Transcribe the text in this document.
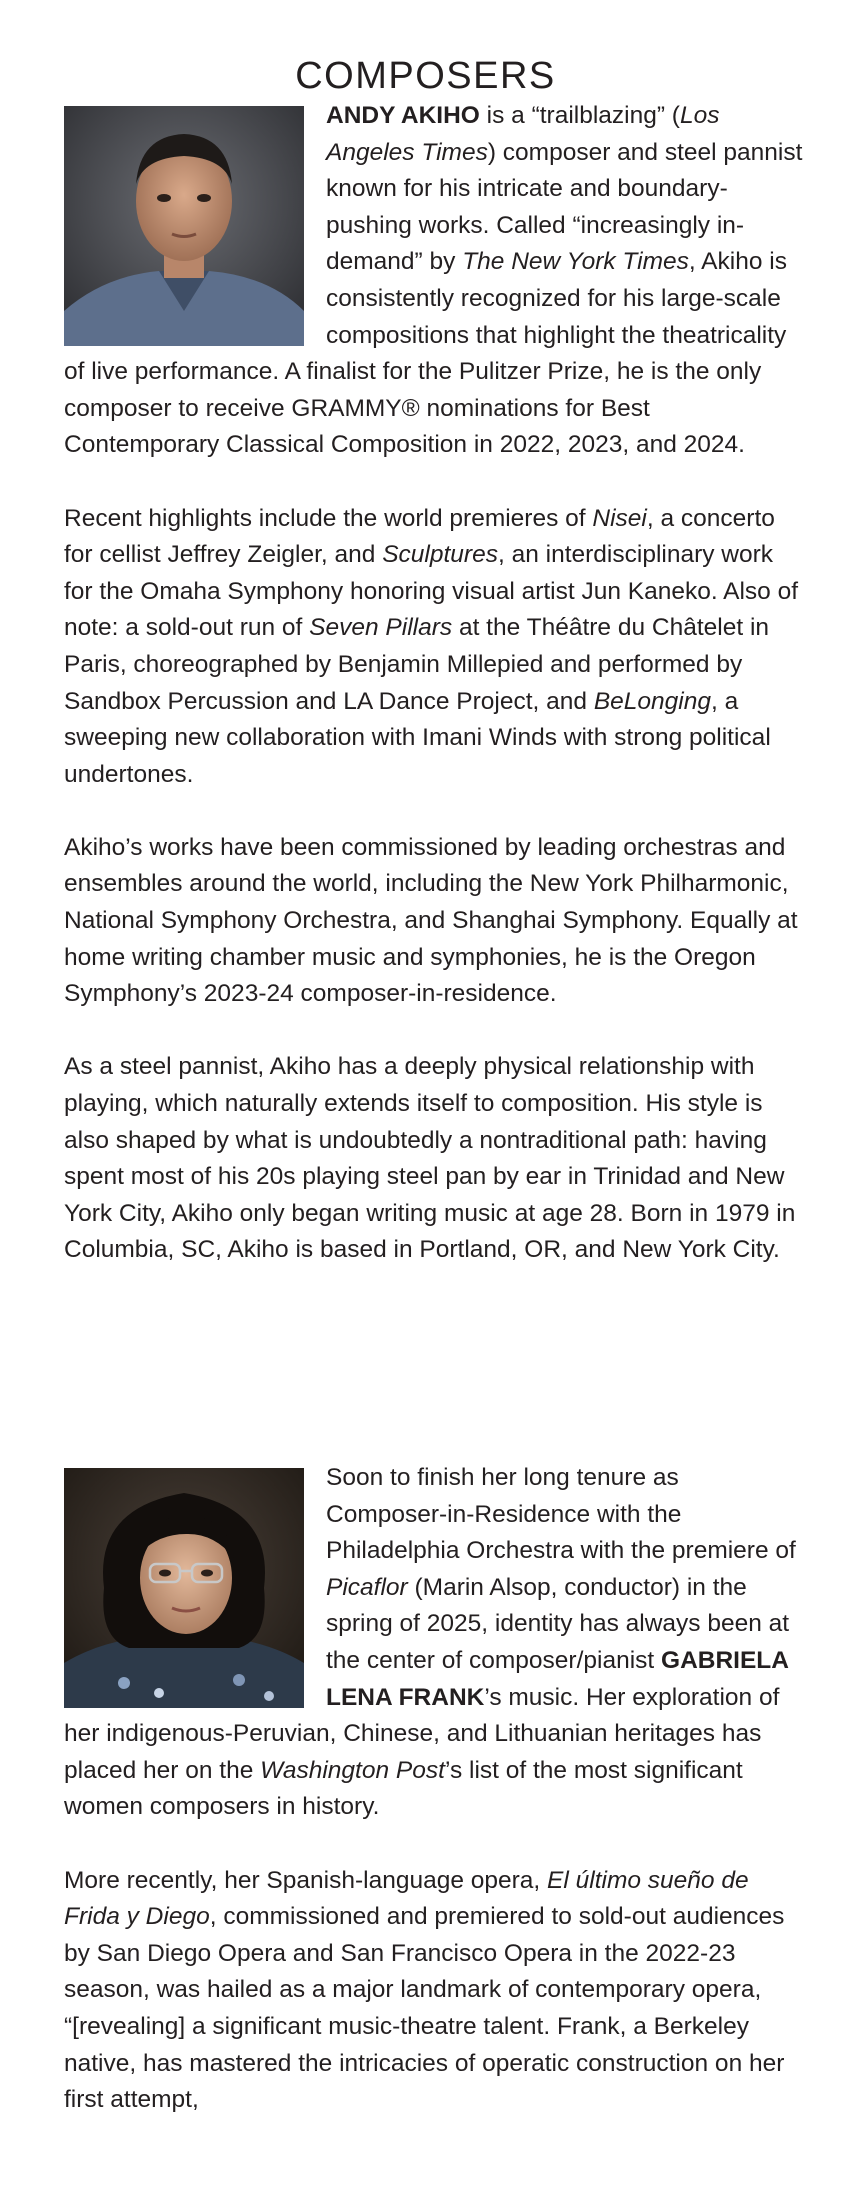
COMPOSERS

ANDY AKIHO is a “trailblazing” (Los Angeles Times) composer and steel pannist known for his intricate and boundary-pushing works. Called “increasingly in-demand” by The New York Times, Akiho is consistently recognized for his large-scale compositions that highlight the theatricality of live performance. A finalist for the Pulitzer Prize, he is the only composer to receive GRAMMY® nominations for Best Contemporary Classical Composition in 2022, 2023, and 2024.

Recent highlights include the world premieres of Nisei, a concerto for cellist Jeffrey Zeigler, and Sculptures, an interdisciplinary work for the Omaha Symphony honoring visual artist Jun Kaneko. Also of note: a sold-out run of Seven Pillars at the Théâtre du Châtelet in Paris, choreographed by Benjamin Millepied and performed by Sandbox Percussion and LA Dance Project, and BeLonging, a sweeping new collaboration with Imani Winds with strong political undertones.

Akiho’s works have been commissioned by leading orchestras and ensembles around the world, including the New York Philharmonic, National Symphony Orchestra, and Shanghai Symphony. Equally at home writing chamber music and symphonies, he is the Oregon Symphony’s 2023-24 composer-in-residence.

As a steel pannist, Akiho has a deeply physical relationship with playing, which naturally extends itself to composition. His style is also shaped by what is undoubtedly a nontraditional path: having spent most of his 20s playing steel pan by ear in Trinidad and New York City, Akiho only began writing music at age 28. Born in 1979 in Columbia, SC, Akiho is based in Portland, OR, and New York City.

Soon to finish her long tenure as Composer-in-Residence with the Philadelphia Orchestra with the premiere of Picaflor (Marin Alsop, conductor) in the spring of 2025, identity has always been at the center of composer/pianist GABRIELA LENA FRANK’s music. Her exploration of her indigenous-Peruvian, Chinese, and Lithuanian heritages has placed her on the Washington Post’s list of the most significant women composers in history.

More recently, her Spanish-language opera, El último sueño de Frida y Diego, commissioned and premiered to sold-out audiences by San Diego Opera and San Francisco Opera in the 2022-23 season, was hailed as a major landmark of contemporary opera, “[revealing] a significant music-theatre talent. Frank, a Berkeley native, has mastered the intricacies of operatic construction on her first attempt,
